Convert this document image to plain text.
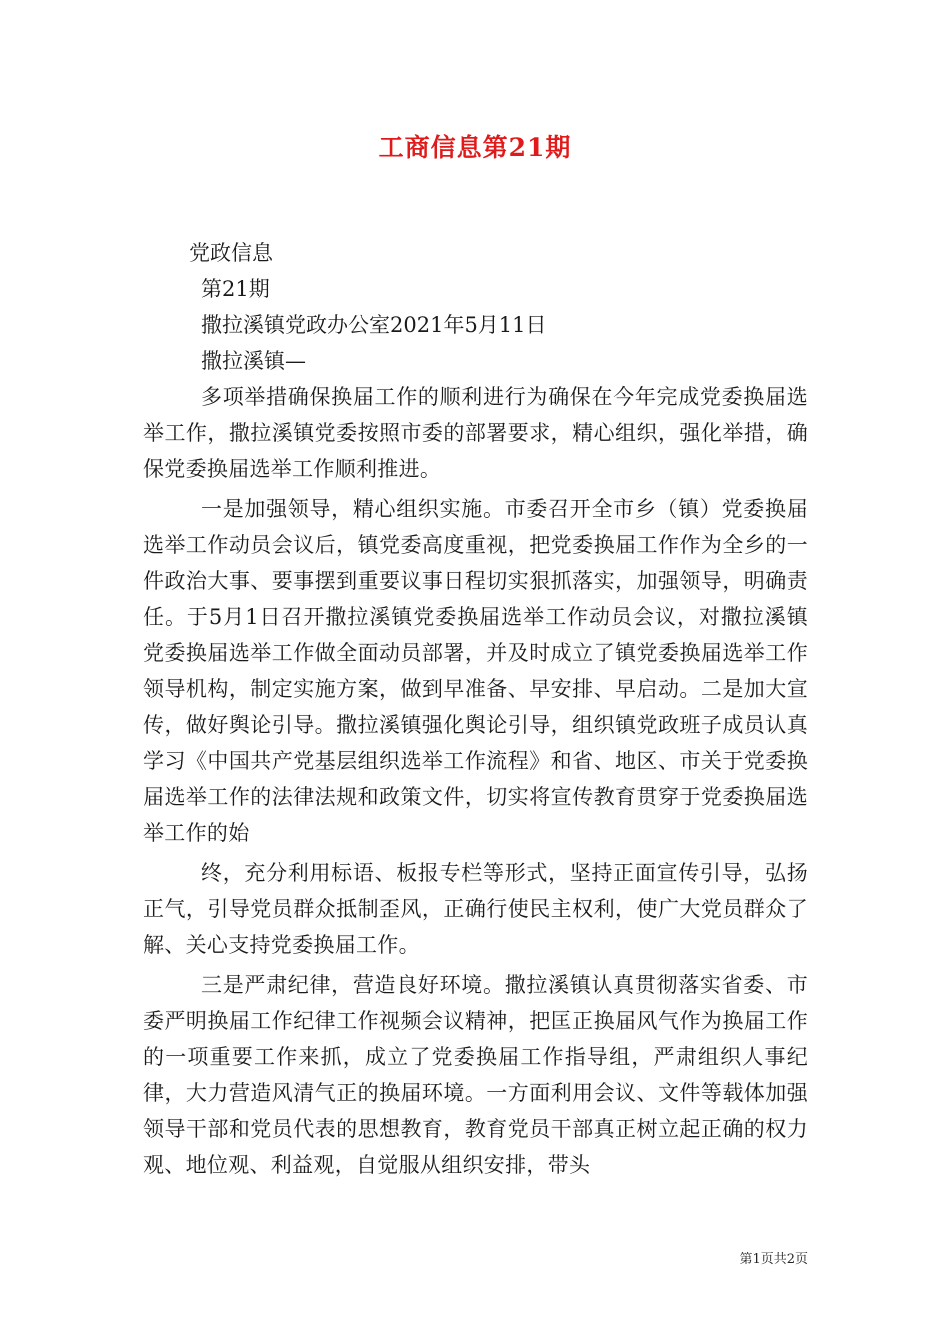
工商信息第21期

党政信息

第21期

撒拉溪镇党政办公室2021年5月11日

撒拉溪镇—

多项举措确保换届工作的顺利进行为确保在今年完成党委换届选举工作，撒拉溪镇党委按照市委的部署要求，精心组织，强化举措，确保党委换届选举工作顺利推进。

一是加强领导，精心组织实施。市委召开全市乡（镇）党委换届选举工作动员会议后，镇党委高度重视，把党委换届工作作为全乡的一件政治大事、要事摆到重要议事日程切实狠抓落实，加强领导，明确责任。于5月1日召开撒拉溪镇党委换届选举工作动员会议，对撒拉溪镇党委换届选举工作做全面动员部署，并及时成立了镇党委换届选举工作领导机构，制定实施方案，做到早准备、早安排、早启动。二是加大宣传，做好舆论引导。撒拉溪镇强化舆论引导，组织镇党政班子成员认真学习《中国共产党基层组织选举工作流程》和省、地区、市关于党委换届选举工作的法律法规和政策文件，切实将宣传教育贯穿于党委换届选举工作的始

终，充分利用标语、板报专栏等形式，坚持正面宣传引导，弘扬正气，引导党员群众抵制歪风，正确行使民主权利，使广大党员群众了解、关心支持党委换届工作。

三是严肃纪律，营造良好环境。撒拉溪镇认真贯彻落实省委、市委严明换届工作纪律工作视频会议精神，把匡正换届风气作为换届工作的一项重要工作来抓，成立了党委换届工作指导组，严肃组织人事纪律，大力营造风清气正的换届环境。一方面利用会议、文件等载体加强领导干部和党员代表的思想教育，教育党员干部真正树立起正确的权力观、地位观、利益观，自觉服从组织安排，带头

第1页共2页
